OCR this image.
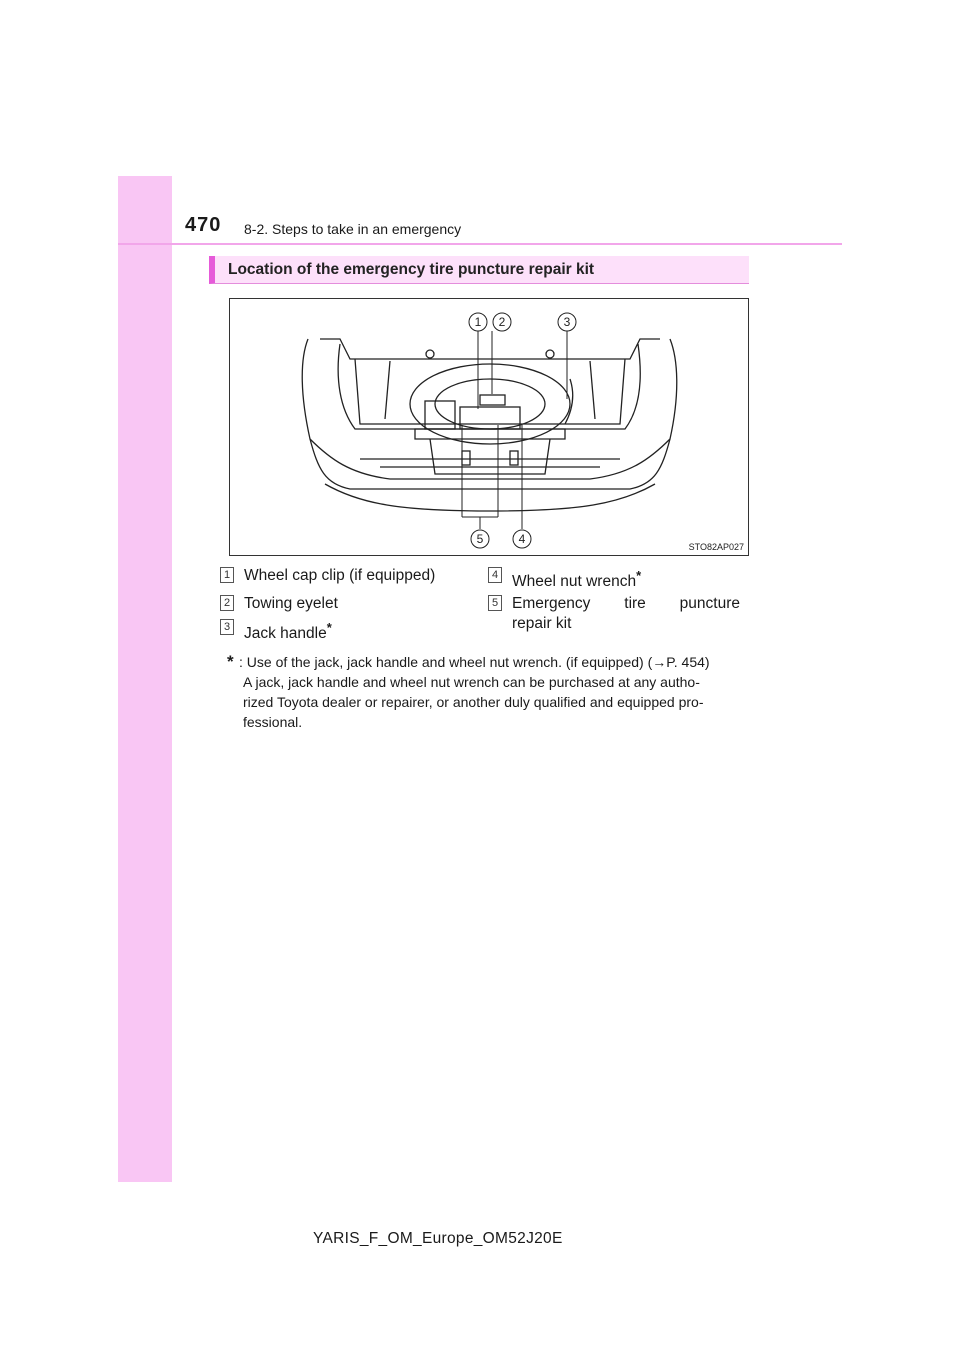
470 8-2. Steps to take in an emergency
Location of the emergency tire puncture repair kit
1 2	3
4
5
STO82AP027
1 Wheel cap clip (if equipped)
2 Towing eyelet
3 Jack handle*
4 Wheel nut wrench*
5 Emergency tire puncture
repair kit
* : Use of the jack, jack handle and wheel nut wrench. (if equipped) (→P. 454)
A jack, jack handle and wheel nut wrench can be purchased at any autho-
rized Toyota dealer or repairer, or another duly qualified and equipped pro-
fessional.
YARIS_F_OM_Europe_OM52J20E
